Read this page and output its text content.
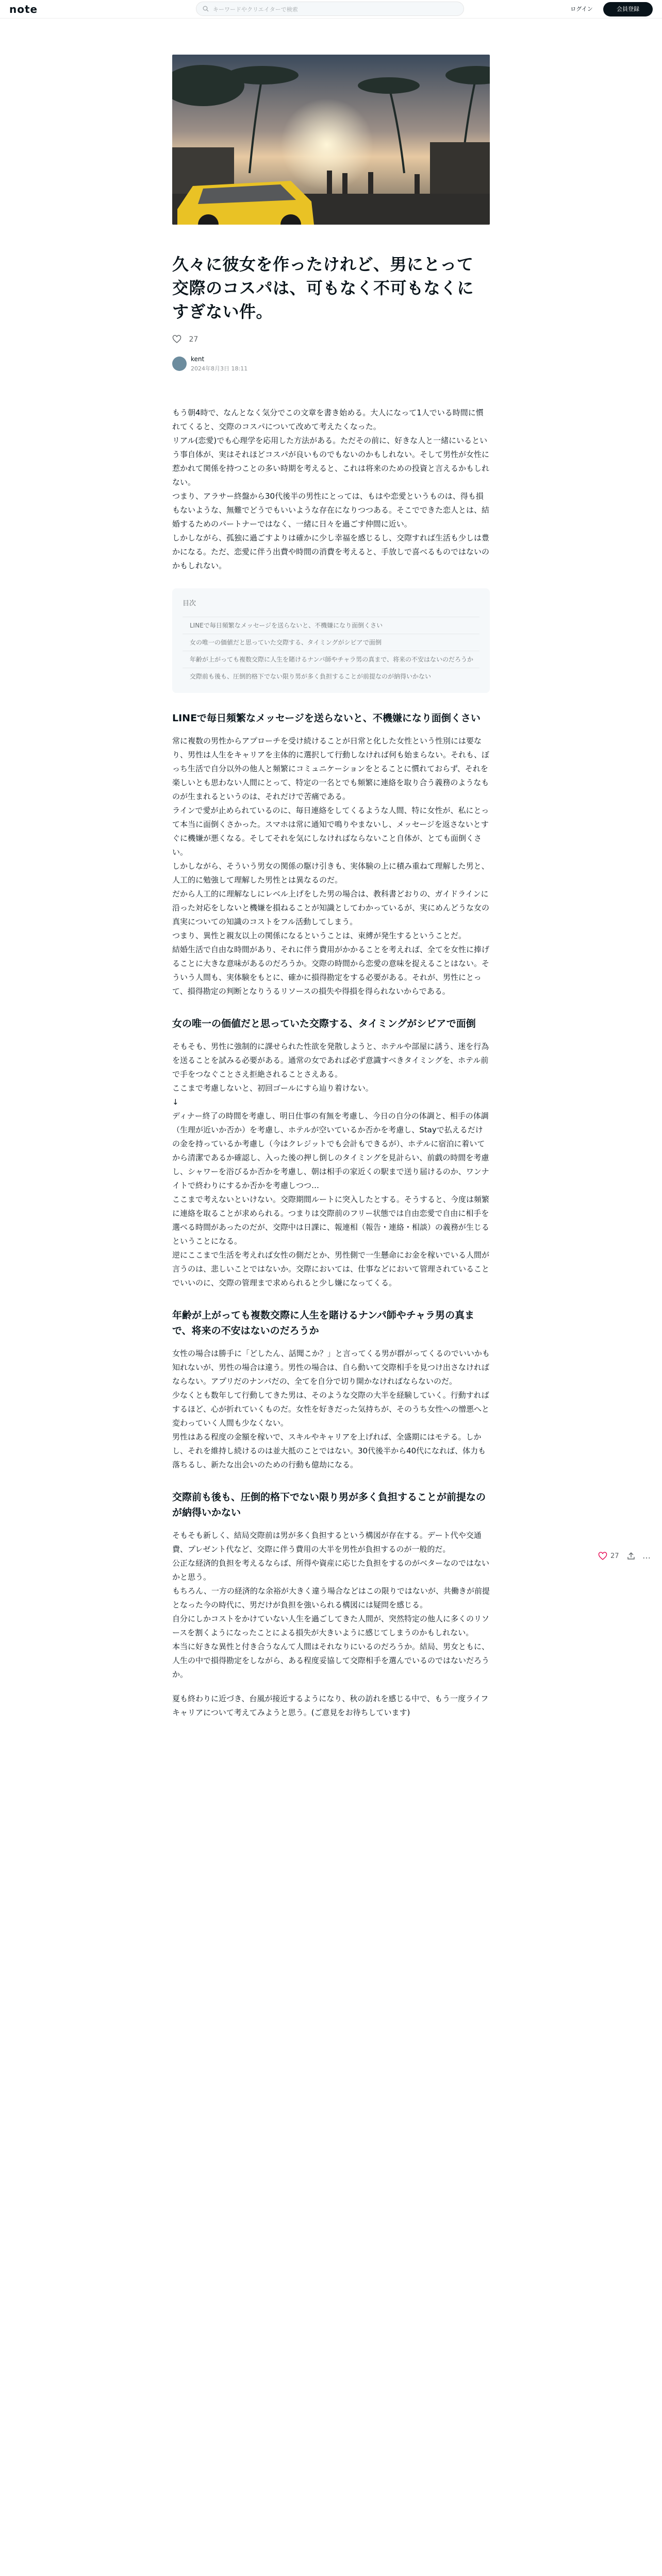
note	キーワードやクリエイターで検索	ログイン	会員登録
久々に彼女を作ったけれど、男にとって交際のコスパは、可もなく不可もなくにすぎない件。
27
kent
2024年8月3日 18:11

もう朝4時で、なんとなく気分でこの文章を書き始める。大人になって1人でいる時間に慣れてくると、交際のコスパについて改めて考えたくなった。

リアル(恋愛)でも心理学を応用した方法がある。ただその前に、好きな人と一緒にいるという事自体が、実はそれほどコスパが良いものでもないのかもしれない。そして男性が女性に惹かれて関係を持つことの多い時期を考えると、これは将来のための投資と言えるかもしれない。

つまり、アラサー終盤から30代後半の男性にとっては、もはや恋愛というものは、得も損もないような、無難でどうでもいいような存在になりつつある。そこでできた恋人とは、結婚するためのパートナーではなく、一緒に日々を過ごす仲間に近い。

しかしながら、孤独に過ごすよりは確かに少し幸福を感じるし、交際すれば生活も少しは豊かになる。ただ、恋愛に伴う出費や時間の消費を考えると、手放しで喜べるものではないのかもしれない。

目次
LINEで毎日頻繁なメッセージを送らないと、不機嫌になり面倒くさい
女の唯一の価値だと思っていた交際する、タイミングがシビアで面倒
年齢が上がっても複数交際に人生を賭けるナンパ師やチャラ男の真まで、将来の不安はないのだろうか
交際前も後も、圧倒的格下でない限り男が多く負担することが前提なのが納得いかない
LINEで毎日頻繁なメッセージを送らないと、不機嫌になり面倒くさい

常に複数の男性からアプローチを受け続けることが日常と化した女性という性別には要なり、男性は人生をキャリアを主体的に選択して行動しなければ何も始まらない。それも、ぼっち生活で自分以外の他人と頻繁にコミュニケーションをとることに慣れておらず、それを楽しいとも思わない人間にとって、特定の一名とでも頻繁に連絡を取り合う義務のようなものが生まれるというのは、それだけで苦痛である。

ラインで愛が止められているのに、毎日連絡をしてくるような人間、特に女性が、私にとって本当に面倒くさかった。スマホは常に通知で鳴りやまないし、メッセージを返さないとすぐに機嫌が悪くなる。そしてそれを気にしなければならないこと自体が、とても面倒くさい。

しかしながら、そういう男女の関係の駆け引きも、実体験の上に積み重ねて理解した男と、人工的に勉強して理解した男性とは異なるのだ。

だから人工的に理解なしにレベル上げをした男の場合は、教科書どおりの、ガイドラインに沿った対応をしないと機嫌を損ねることが知識としてわかっているが、実にめんどうな女の真実についての知識のコストをフル活動してしまう。

つまり、異性と親友以上の関係になるということは、束縛が発生するということだ。

結婚生活で自由な時間があり、それに伴う費用がかかることを考えれば、全てを女性に捧げることに大きな意味があるのだろうか。交際の時間から恋愛の意味を捉えることはない。そういう人間も、実体験をもとに、確かに損得勘定をする必要がある。それが、男性にとって、損得勘定の判断となりうるリソースの損失や得損を得られないからである。

女の唯一の価値だと思っていた交際する、タイミングがシビアで面倒

そもそも、男性に強制的に課せられた性欲を発散しようと、ホテルや部屋に誘う、迷を行為を送ることを試みる必要がある。通常の女であれば必ず意識すべきタイミングを、ホテル前で手をつなぐことさえ拒絶されることさえある。

ここまで考慮しないと、初回ゴールにすら辿り着けない。

↓

ディナー終了の時間を考慮し、明日仕事の有無を考慮し、今日の自分の体調と、相手の体調（生理が近いか否か）を考慮し、ホテルが空いているか否かを考慮し、Stayで払えるだけの金を持っているか考慮し（今はクレジットでも会計もできるが）、ホテルに宿泊に着いてから清潔であるか確認し、入った後の押し倒しのタイミングを見計らい、前戯の時間を考慮し、シャワーを浴びるか否かを考慮し、朝は相手の家近くの駅まで送り届けるのか、ワンナイトで終わりにするか否かを考慮しつつ…

ここまで考えないといけない。交際期間ルートに突入したとする。そうすると、今度は頻繁に連絡を取ることが求められる。つまりは交際前のフリー状態では自由恋愛で自由に相手を選べる時間があったのだが、交際中は日課に、報連相（報告・連絡・相談）の義務が生じるということになる。

逆にここまで生活を考えれば女性の側だとか、男性側で一生懸命にお金を稼いでいる人間が言うのは、悲しいことではないか。交際においては、仕事などにおいて管理されていることでいいのに、交際の管理まで求められると少し嫌になってくる。

年齢が上がっても複数交際に人生を賭けるナンパ師やチャラ男の真まで、将来の不安はないのだろうか

女性の場合は勝手に「どしたん、話聞こか？」と言ってくる男が群がってくるのでいいかも知れないが、男性の場合は違う。男性の場合は、自ら動いて交際相手を見つけ出さなければならない。アプリだのナンパだの、全てを自分で切り開かなければならないのだ。

少なくとも数年して行動してきた男は、そのような交際の大半を経験していく。行動すればするほど、心が折れていくものだ。女性を好きだった気持ちが、そのうち女性への憎悪へと変わっていく人間も少なくない。

男性はある程度の金額を稼いで、スキルやキャリアを上げれば、全盛期にはモテる。しかし、それを維持し続けるのは並大抵のことではない。30代後半から40代になれば、体力も落ちるし、新たな出会いのための行動も億劫になる。

交際前も後も、圧倒的格下でない限り男が多く負担することが前提なのが納得いかない

そもそも新しく、結局交際前は男が多く負担するという構図が存在する。デート代や交通費、プレゼント代など、交際に伴う費用の大半を男性が負担するのが一般的だ。

公正な経済的負担を考えるならば、所得や資産に応じた負担をするのがベターなのではないかと思う。

もちろん、一方の経済的な余裕が大きく違う場合などはこの限りではないが、共働きが前提となった今の時代に、男だけが負担を強いられる構図には疑問を感じる。

自分にしかコストをかけていない人生を過ごしてきた人間が、突然特定の他人に多くのリソースを割くようになったことによる損失が大きいように感じてしまうのかもしれない。

本当に好きな異性と付き合うなんて人間はそれなりにいるのだろうか。結局、男女ともに、人生の中で損得勘定をしながら、ある程度妥協して交際相手を選んでいるのではないだろうか。

夏も終わりに近づき、台風が接近するようになり、秋の訪れを感じる中で、もう一度ライフキャリアについて考えてみようと思う。(ご意見をお待ちしています)

27	…
